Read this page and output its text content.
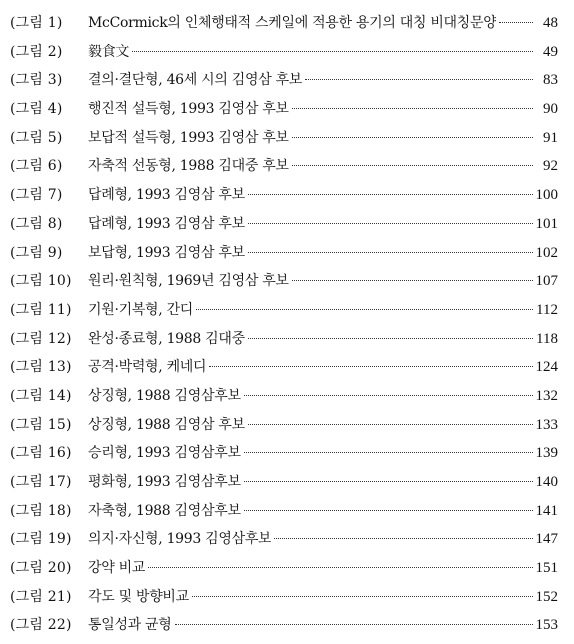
(그림 1)	McCormick의 인체행태적 스케일에 적용한 용기의 대칭 비대칭문양	48
(그림 2)	毅食文	49
(그림 3)	결의·결단형, 46세 시의 김영삼 후보	83
(그림 4)	행진적 설득형, 1993 김영삼 후보	90
(그림 5)	보답적 설득형, 1993 김영삼 후보	91
(그림 6)	자축적 선동형, 1988 김대중 후보	92
(그림 7)	답례형, 1993 김영삼 후보	100
(그림 8)	답례형, 1993 김영삼 후보	101
(그림 9)	보답형, 1993 김영삼 후보	102
(그림 10)	원리·원칙형, 1969년 김영삼 후보	107
(그림 11)	기원·기복형, 간디	112
(그림 12)	완성·종료형, 1988 김대중	118
(그림 13)	공격·박력형, 케네디	124
(그림 14)	상징형, 1988 김영삼후보	132
(그림 15)	상징형, 1988 김영삼 후보	133
(그림 16)	승리형, 1993 김영삼후보	139
(그림 17)	평화형, 1993 김영삼후보	140
(그림 18)	자축형, 1988 김영삼후보	141
(그림 19)	의지·자신형, 1993 김영삼후보	147
(그림 20)	강약 비교	151
(그림 21)	각도 및 방향비교	152
(그림 22)	통일성과 균형	153
